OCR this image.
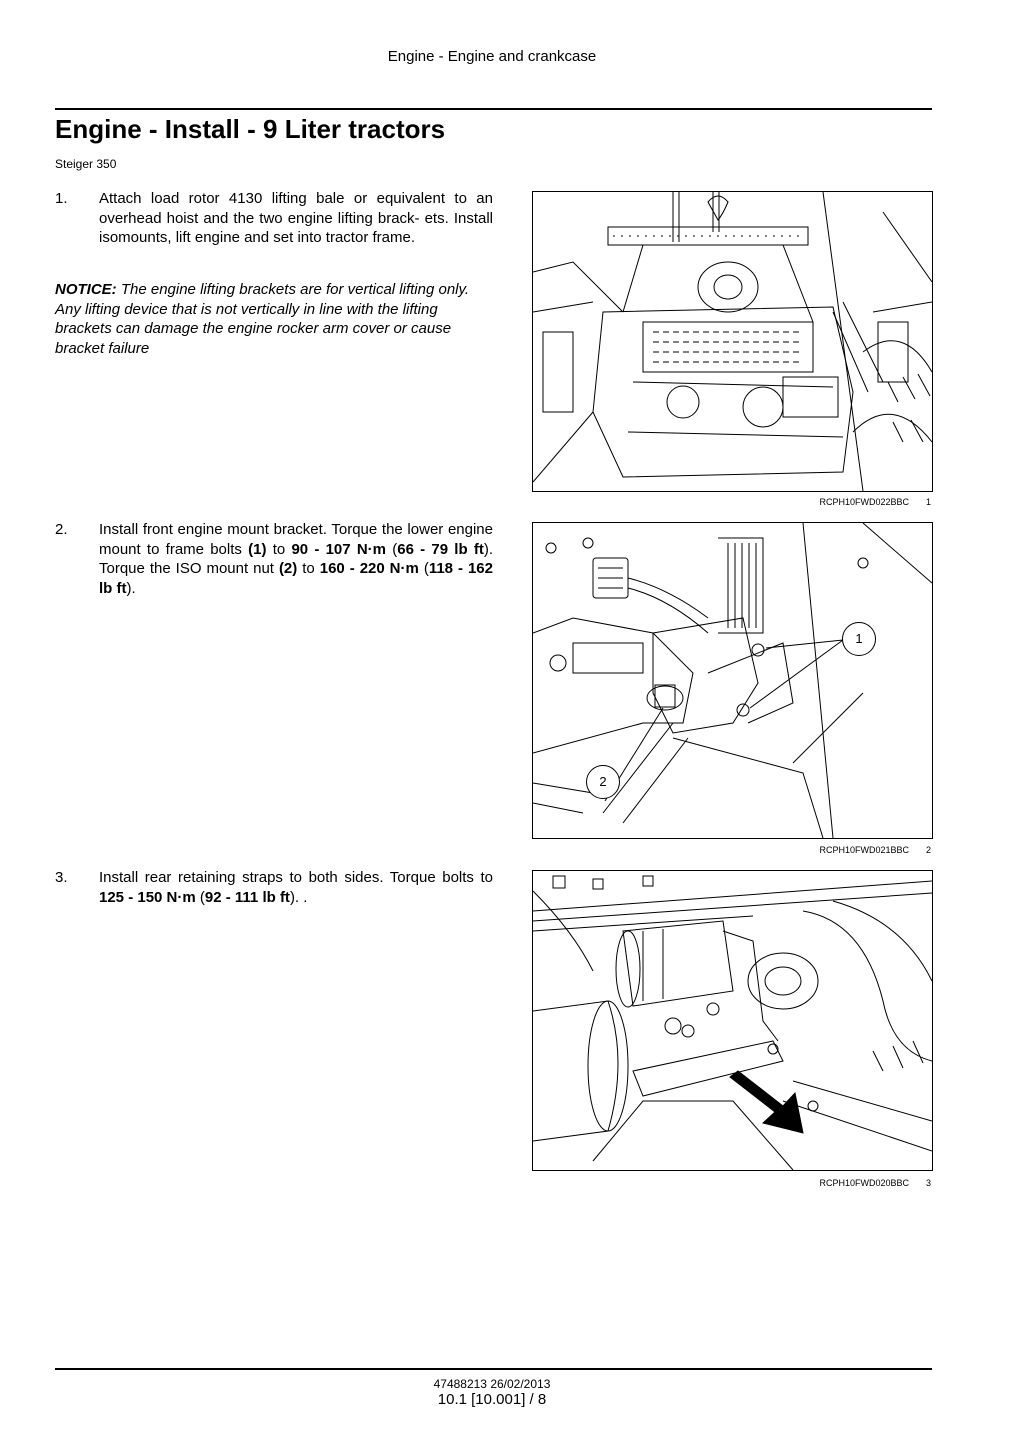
Engine - Engine and crankcase
Engine - Install - 9 Liter tractors
Steiger 350
1. Attach load rotor 4130 lifting bale or equivalent to an overhead hoist and the two engine lifting brack- ets. Install isomounts, lift engine and set into tractor frame.
NOTICE: The engine lifting brackets are for vertical lifting only. Any lifting device that is not vertically in line with the lifting brackets can damage the engine rocker arm cover or cause bracket failure
RCPH10FWD022BBC 1
2. Install front engine mount bracket. Torque the lower engine mount to frame bolts (1) to 90 - 107 N·m (66 - 79 lb ft). Torque the ISO mount nut (2) to 160 - 220 N·m (118 - 162 lb ft).
1
2
RCPH10FWD021BBC 2
3. Install rear retaining straps to both sides. Torque bolts to 125 - 150 N·m (92 - 111 lb ft). .
RCPH10FWD020BBC 3
47488213 26/02/2013
10.1 [10.001] / 8
